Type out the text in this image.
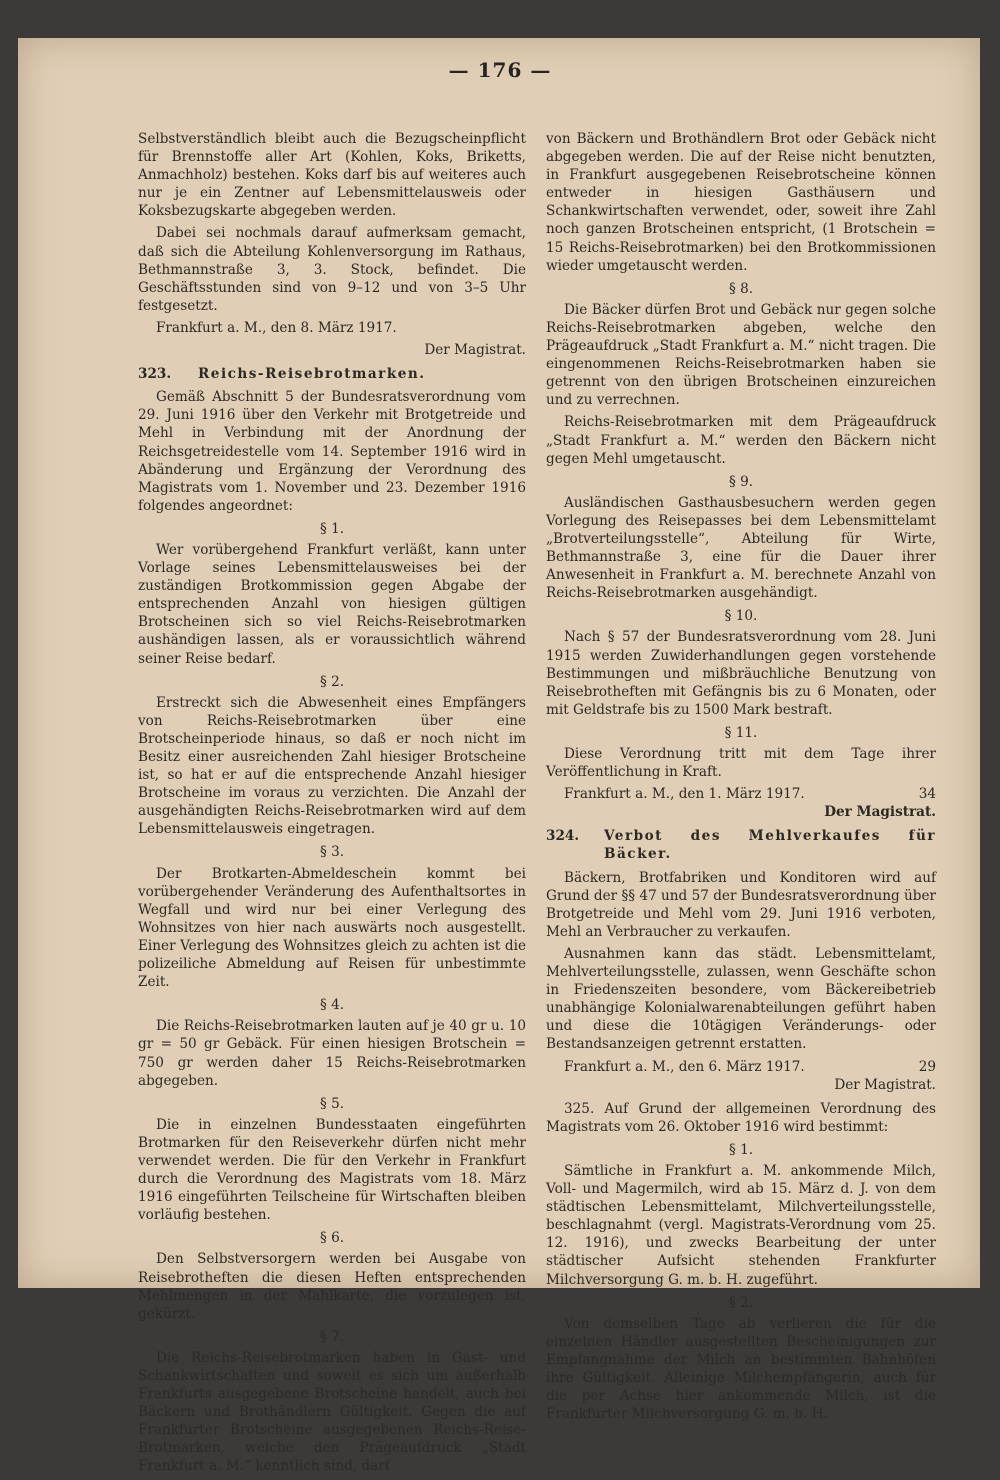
— 176 —

Selbstverständlich bleibt auch die Bezugscheinpflicht für Brennstoffe aller Art (Kohlen, Koks, Briketts, Anmachholz) bestehen. Koks darf bis auf weiteres auch nur je ein Zentner auf Lebensmittelausweis oder Koksbezugskarte abgegeben werden.

Dabei sei nochmals darauf aufmerksam gemacht, daß sich die Abteilung Kohlenversorgung im Rathaus, Bethmannstraße 3, 3. Stock, befindet. Die Geschäftsstunden sind von 9–12 und von 3–5 Uhr festgesetzt.

Frankfurt a. M., den 8. März 1917.

Der Magistrat.
323.	Reichs-Reisebrotmarken.

Gemäß Abschnitt 5 der Bundesratsverordnung vom 29. Juni 1916 über den Verkehr mit Brotgetreide und Mehl in Verbindung mit der Anordnung der Reichsgetreidestelle vom 14. September 1916 wird in Abänderung und Ergänzung der Verordnung des Magistrats vom 1. November und 23. Dezember 1916 folgendes angeordnet:

§ 1.

Wer vorübergehend Frankfurt verläßt, kann unter Vorlage seines Lebensmittelausweises bei der zuständigen Brotkommission gegen Abgabe der entsprechenden Anzahl von hiesigen gültigen Brotscheinen sich so viel Reichs-Reisebrotmarken aushändigen lassen, als er voraussichtlich während seiner Reise bedarf.

§ 2.

Erstreckt sich die Abwesenheit eines Empfängers von Reichs-Reisebrotmarken über eine Brotscheinperiode hinaus, so daß er noch nicht im Besitz einer ausreichenden Zahl hiesiger Brotscheine ist, so hat er auf die entsprechende Anzahl hiesiger Brotscheine im voraus zu verzichten. Die Anzahl der ausgehändigten Reichs-Reisebrotmarken wird auf dem Lebensmittelausweis eingetragen.

§ 3.

Der Brotkarten-Abmeldeschein kommt bei vorübergehender Veränderung des Aufenthaltsortes in Wegfall und wird nur bei einer Verlegung des Wohnsitzes von hier nach auswärts noch ausgestellt. Einer Verlegung des Wohnsitzes gleich zu achten ist die polizeiliche Abmeldung auf Reisen für unbestimmte Zeit.

§ 4.

Die Reichs-Reisebrotmarken lauten auf je 40 gr u. 10 gr = 50 gr Gebäck. Für einen hiesigen Brotschein = 750 gr werden daher 15 Reichs-Reisebrotmarken abgegeben.

§ 5.

Die in einzelnen Bundesstaaten eingeführten Brotmarken für den Reiseverkehr dürfen nicht mehr verwendet werden. Die für den Verkehr in Frankfurt durch die Verordnung des Magistrats vom 18. März 1916 eingeführten Teilscheine für Wirtschaften bleiben vorläufig bestehen.

§ 6.

Den Selbstversorgern werden bei Ausgabe von Reisebrotheften die diesen Heften entsprechenden Mehlmengen in der Mahlkarte, die vorzulegen ist, gekürzt.

§ 7.

Die Reichs-Reisebrotmarken haben in Gast- und Schankwirtschaften und soweit es sich um außerhalb Frankfurts ausgegebene Brotscheine handelt, auch bei Bäckern und Brothändlern Gültigkeit. Gegen die auf Frankfurter Brotscheine ausgegebenen Reichs-Reise-Brotmarken, welche den Prägeaufdruck „Stadt Frankfurt a. M.“ kenntlich sind, darf

von Bäckern und Brothändlern Brot oder Gebäck nicht abgegeben werden. Die auf der Reise nicht benutzten, in Frankfurt ausgegebenen Reisebrotscheine können entweder in hiesigen Gasthäusern und Schankwirtschaften verwendet, oder, soweit ihre Zahl noch ganzen Brotscheinen entspricht, (1 Brotschein = 15 Reichs-Reisebrotmarken) bei den Brotkommissionen wieder umgetauscht werden.

§ 8.

Die Bäcker dürfen Brot und Gebäck nur gegen solche Reichs-Reisebrotmarken abgeben, welche den Prägeaufdruck „Stadt Frankfurt a. M.“ nicht tragen. Die eingenommenen Reichs-Reisebrotmarken haben sie getrennt von den übrigen Brotscheinen einzureichen und zu verrechnen.

Reichs-Reisebrotmarken mit dem Prägeaufdruck „Stadt Frankfurt a. M.“ werden den Bäckern nicht gegen Mehl umgetauscht.

§ 9.

Ausländischen Gasthausbesuchern werden gegen Vorlegung des Reisepasses bei dem Lebensmittelamt „Brotverteilungsstelle“, Abteilung für Wirte, Bethmannstraße 3, eine für die Dauer ihrer Anwesenheit in Frankfurt a. M. berechnete Anzahl von Reichs-Reisebrotmarken ausgehändigt.

§ 10.

Nach § 57 der Bundesratsverordnung vom 28. Juni 1915 werden Zuwiderhandlungen gegen vorstehende Bestimmungen und mißbräuchliche Benutzung von Reisebrotheften mit Gefängnis bis zu 6 Monaten, oder mit Geldstrafe bis zu 1500 Mark bestraft.

§ 11.

Diese Verordnung tritt mit dem Tage ihrer Veröffentlichung in Kraft.

Frankfurt a. M., den 1. März 1917.	34
Der Magistrat.
324.	Verbot des Mehlverkaufes für Bäcker.

Bäckern, Brotfabriken und Konditoren wird auf Grund der §§ 47 und 57 der Bundesratsverordnung über Brotgetreide und Mehl vom 29. Juni 1916 verboten, Mehl an Verbraucher zu verkaufen.

Ausnahmen kann das städt. Lebensmittelamt, Mehlverteilungsstelle, zulassen, wenn Geschäfte schon in Friedenszeiten besondere, vom Bäckereibetrieb unabhängige Kolonialwarenabteilungen geführt haben und diese die 10tägigen Veränderungs- oder Bestandsanzeigen getrennt erstatten.

Frankfurt a. M., den 6. März 1917.	29
Der Magistrat.

325. Auf Grund der allgemeinen Verordnung des Magistrats vom 26. Oktober 1916 wird bestimmt:

§ 1.

Sämtliche in Frankfurt a. M. ankommende Milch, Voll- und Magermilch, wird ab 15. März d. J. von dem städtischen Lebensmittelamt, Milchverteilungsstelle, beschlagnahmt (vergl. Magistrats-Verordnung vom 25. 12. 1916), und zwecks Bearbeitung der unter städtischer Aufsicht stehenden Frankfurter Milchversorgung G. m. b. H. zugeführt.

§ 2.

Von demselben Tage ab verlieren die für die einzelnen Händler ausgestellten Bescheinigungen zur Empfangnahme der Milch an bestimmten Bahnhöfen ihre Gültigkeit. Alleinige Milchempfängerin, auch für die per Achse hier ankommende Milch, ist die Frankfurter Milchversorgung G. m. b. H.
